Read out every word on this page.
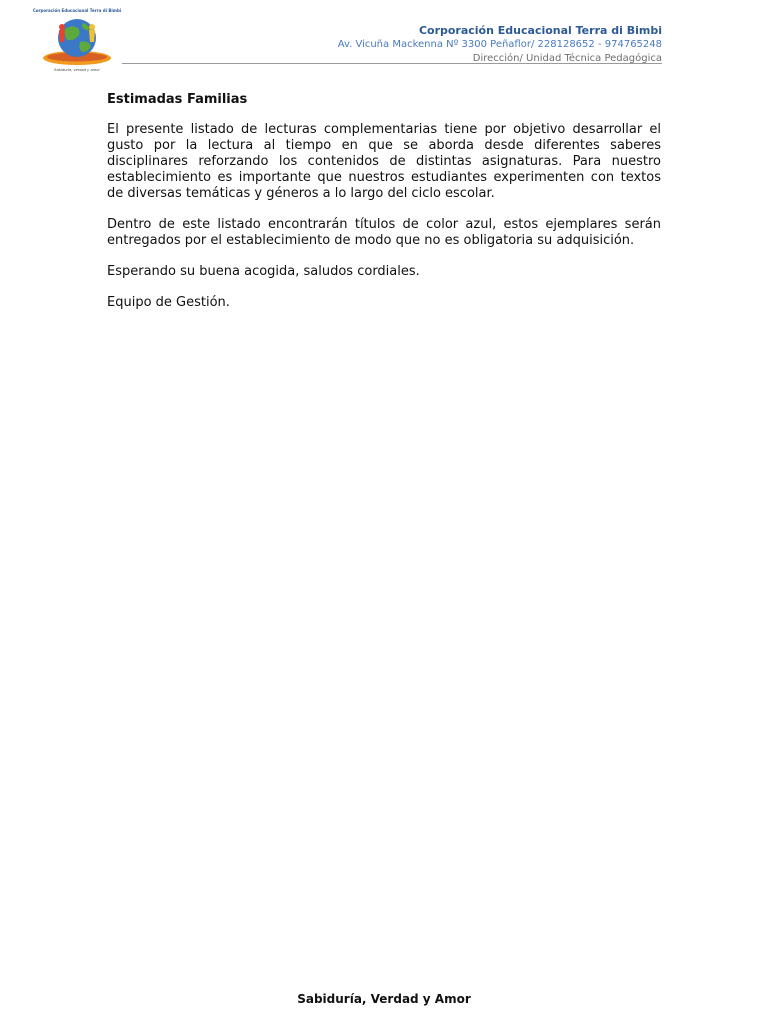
Corporación Educacional Terra di Bimbi
Sabiduría, verdad y amor
Corporación Educacional Terra di Bimbi
Av. Vicuña Mackenna Nº 3300 Peñaflor/ 228128652 - 974765248
Dirección/ Unidad Técnica Pedagógica
Estimadas Familias

El presente listado de lecturas complementarias tiene por objetivo desarrollar el gusto por la lectura al tiempo en que se aborda desde diferentes saberes disciplinares reforzando los contenidos de distintas asignaturas. Para nuestro establecimiento es importante que nuestros estudiantes experimenten con textos de diversas temáticas y géneros a lo largo del ciclo escolar.

Dentro de este listado encontrarán títulos de color azul, estos ejemplares serán entregados por el establecimiento de modo que no es obligatoria su adquisición.

Esperando su buena acogida, saludos cordiales.

Equipo de Gestión.

Sabiduría, Verdad y Amor
